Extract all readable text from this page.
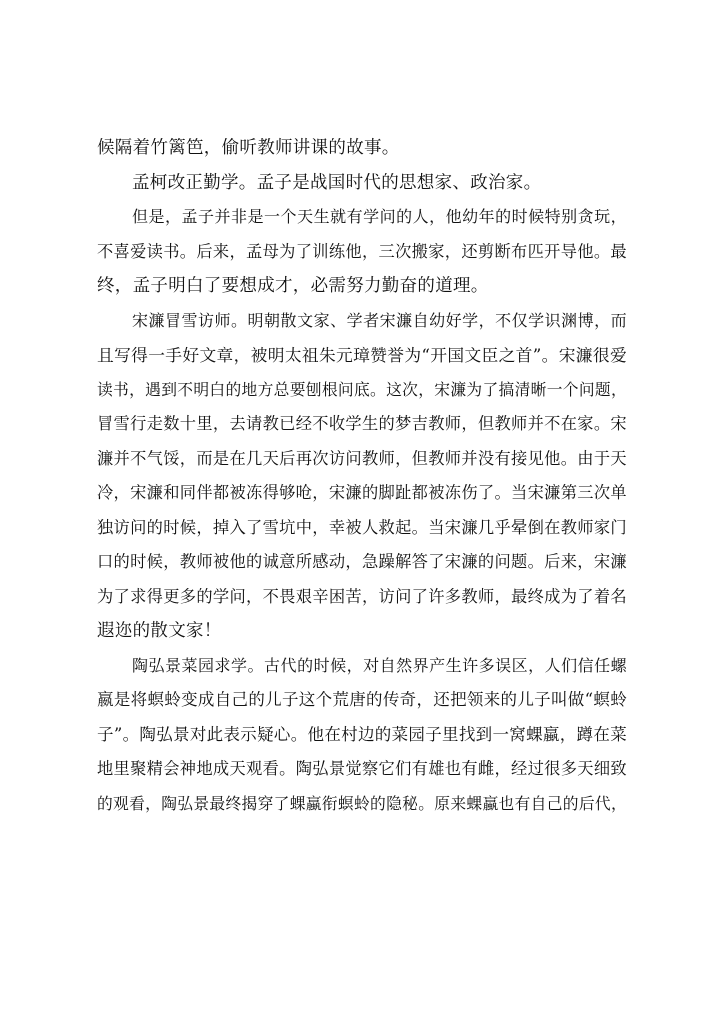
候隔着竹篱笆，偷听教师讲课的故事。
孟柯改正勤学。孟子是战国时代的思想家、政治家。
但是，孟子并非是一个天生就有学问的人，他幼年的时候特别贪玩，
不喜爱读书。后来，孟母为了训练他，三次搬家，还剪断布匹开导他。最
终，孟子明白了要想成才，必需努力勤奋的道理。
宋濂冒雪访师。明朝散文家、学者宋濂自幼好学，不仅学识渊博，而
且写得一手好文章，被明太祖朱元璋赞誉为“开国文臣之首”。宋濂很爱
读书，遇到不明白的地方总要刨根问底。这次，宋濂为了搞清晰一个问题，
冒雪行走数十里，去请教已经不收学生的梦吉教师，但教师并不在家。宋
濂并不气馁，而是在几天后再次访问教师，但教师并没有接见他。由于天
冷，宋濂和同伴都被冻得够呛，宋濂的脚趾都被冻伤了。当宋濂第三次单
独访问的时候，掉入了雪坑中，幸被人救起。当宋濂几乎晕倒在教师家门
口的时候，教师被他的诚意所感动，急躁解答了宋濂的问题。后来，宋濂
为了求得更多的学问，不畏艰辛困苦，访问了许多教师，最终成为了着名
遐迩的散文家！
陶弘景菜园求学。古代的时候，对自然界产生许多误区，人们信任螺
嬴是将螟蛉变成自己的儿子这个荒唐的传奇，还把领来的儿子叫做“螟蛉
子”。陶弘景对此表示疑心。他在村边的菜园子里找到一窝蜾蠃，蹲在菜
地里聚精会神地成天观看。陶弘景觉察它们有雄也有雌，经过很多天细致
的观看，陶弘景最终揭穿了蜾蠃衔螟蛉的隐秘。原来蜾蠃也有自己的后代，
